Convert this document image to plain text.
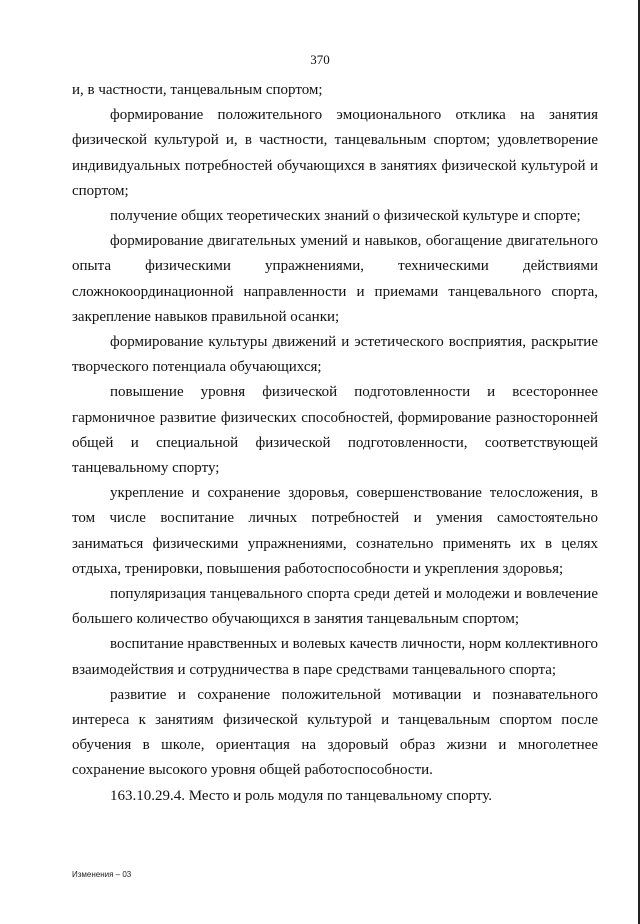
370

и, в частности, танцевальным спортом;

формирование положительного эмоционального отклика на занятия физической культурой и, в частности, танцевальным спортом; удовлетворение индивидуальных потребностей обучающихся в занятиях физической культурой и спортом;

получение общих теоретических знаний о физической культуре и спорте;

формирование двигательных умений и навыков, обогащение двигательного опыта физическими упражнениями, техническими действиями сложнокоординационной направленности и приемами танцевального спорта, закрепление навыков правильной осанки;

формирование культуры движений и эстетического восприятия, раскрытие творческого потенциала обучающихся;

повышение уровня физической подготовленности и всестороннее гармоничное развитие физических способностей, формирование разносторонней общей и специальной физической подготовленности, соответствующей танцевальному спорту;

укрепление и сохранение здоровья, совершенствование телосложения, в том числе воспитание личных потребностей и умения самостоятельно заниматься физическими упражнениями, сознательно применять их в целях отдыха, тренировки, повышения работоспособности и укрепления здоровья;

популяризация танцевального спорта среди детей и молодежи и вовлечение большего количество обучающихся в занятия танцевальным спортом;

воспитание нравственных и волевых качеств личности, норм коллективного взаимодействия и сотрудничества в паре средствами танцевального спорта;

развитие и сохранение положительной мотивации и познавательного интереса к занятиям физической культурой и танцевальным спортом после обучения в школе, ориентация на здоровый образ жизни и многолетнее сохранение высокого уровня общей работоспособности.

163.10.29.4. Место и роль модуля по танцевальному спорту.

Изменения – 03
